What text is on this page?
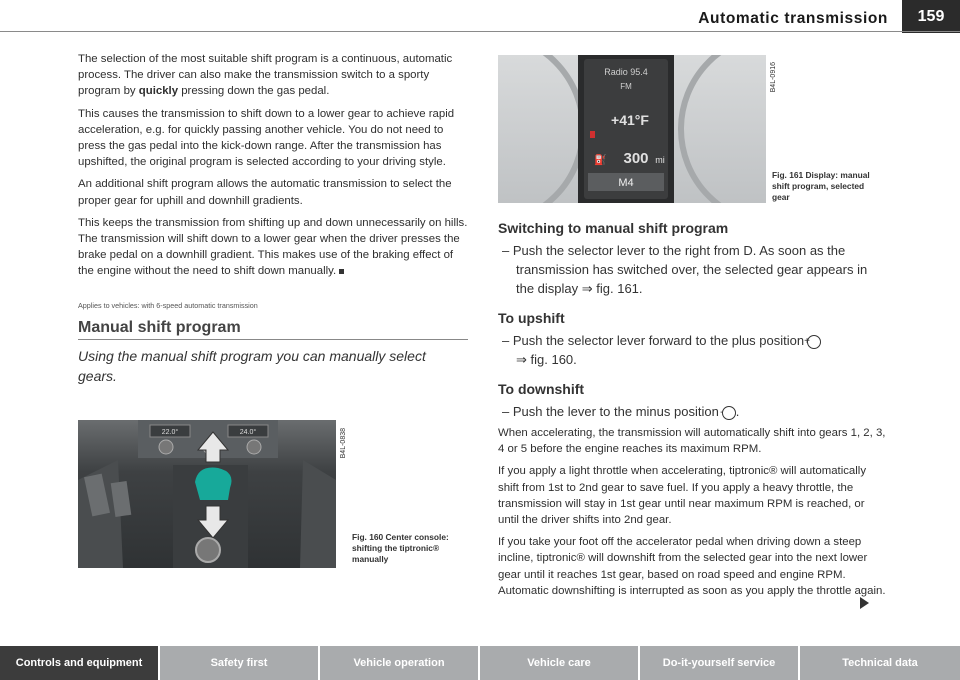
Automatic transmission	159

The selection of the most suitable shift program is a continuous, automatic process. The driver can also make the transmission switch to a sporty program by quickly pressing down the gas pedal.

This causes the transmission to shift down to a lower gear to achieve rapid acceleration, e.g. for quickly passing another vehicle. You do not need to press the gas pedal into the kick-down range. After the transmission has upshifted, the original program is selected according to your driving style.

An additional shift program allows the automatic transmission to select the proper gear for uphill and downhill gradients.

This keeps the transmission from shifting up and down unnecessarily on hills. The transmission will shift down to a lower gear when the driver presses the brake pedal on a downhill gradient. This makes use of the braking effect of the engine without the need to shift down manually.

Applies to vehicles: with 6-speed automatic transmission
Manual shift program
Using the manual shift program you can manually select gears.
22.0°	24.0°	B4L-0838
Fig. 160 Center console: shifting the tiptronic® manually
Radio 95.4
FM
+41°F
⛽ 300 mi
M4
B4L-0916
Fig. 161 Display: manual shift program, selected gear
Switching to manual shift program
– Push the selector lever to the right from D. As soon as the transmission has switched over, the selected gear appears in the display ⇒ fig. 161.
To upshift
– Push the selector lever forward to the plus position+
⇒ fig. 160.
To downshift
– Push the lever to the minus position- .

When accelerating, the transmission will automatically shift into gears 1, 2, 3, 4 or 5 before the engine reaches its maximum RPM.

If you apply a light throttle when accelerating, tiptronic® will automatically shift from 1st to 2nd gear to save fuel. If you apply a heavy throttle, the transmission will stay in 1st gear until near maximum RPM is reached, or until the driver shifts into 2nd gear.

If you take your foot off the accelerator pedal when driving down a steep incline, tiptronic® will downshift from the selected gear into the next lower gear until it reaches 1st gear, based on road speed and engine RPM. Automatic downshifting is interrupted as soon as you apply the throttle again.

Controls and equipment	Safety first	Vehicle operation	Vehicle care	Do-it-yourself service	Technical data
